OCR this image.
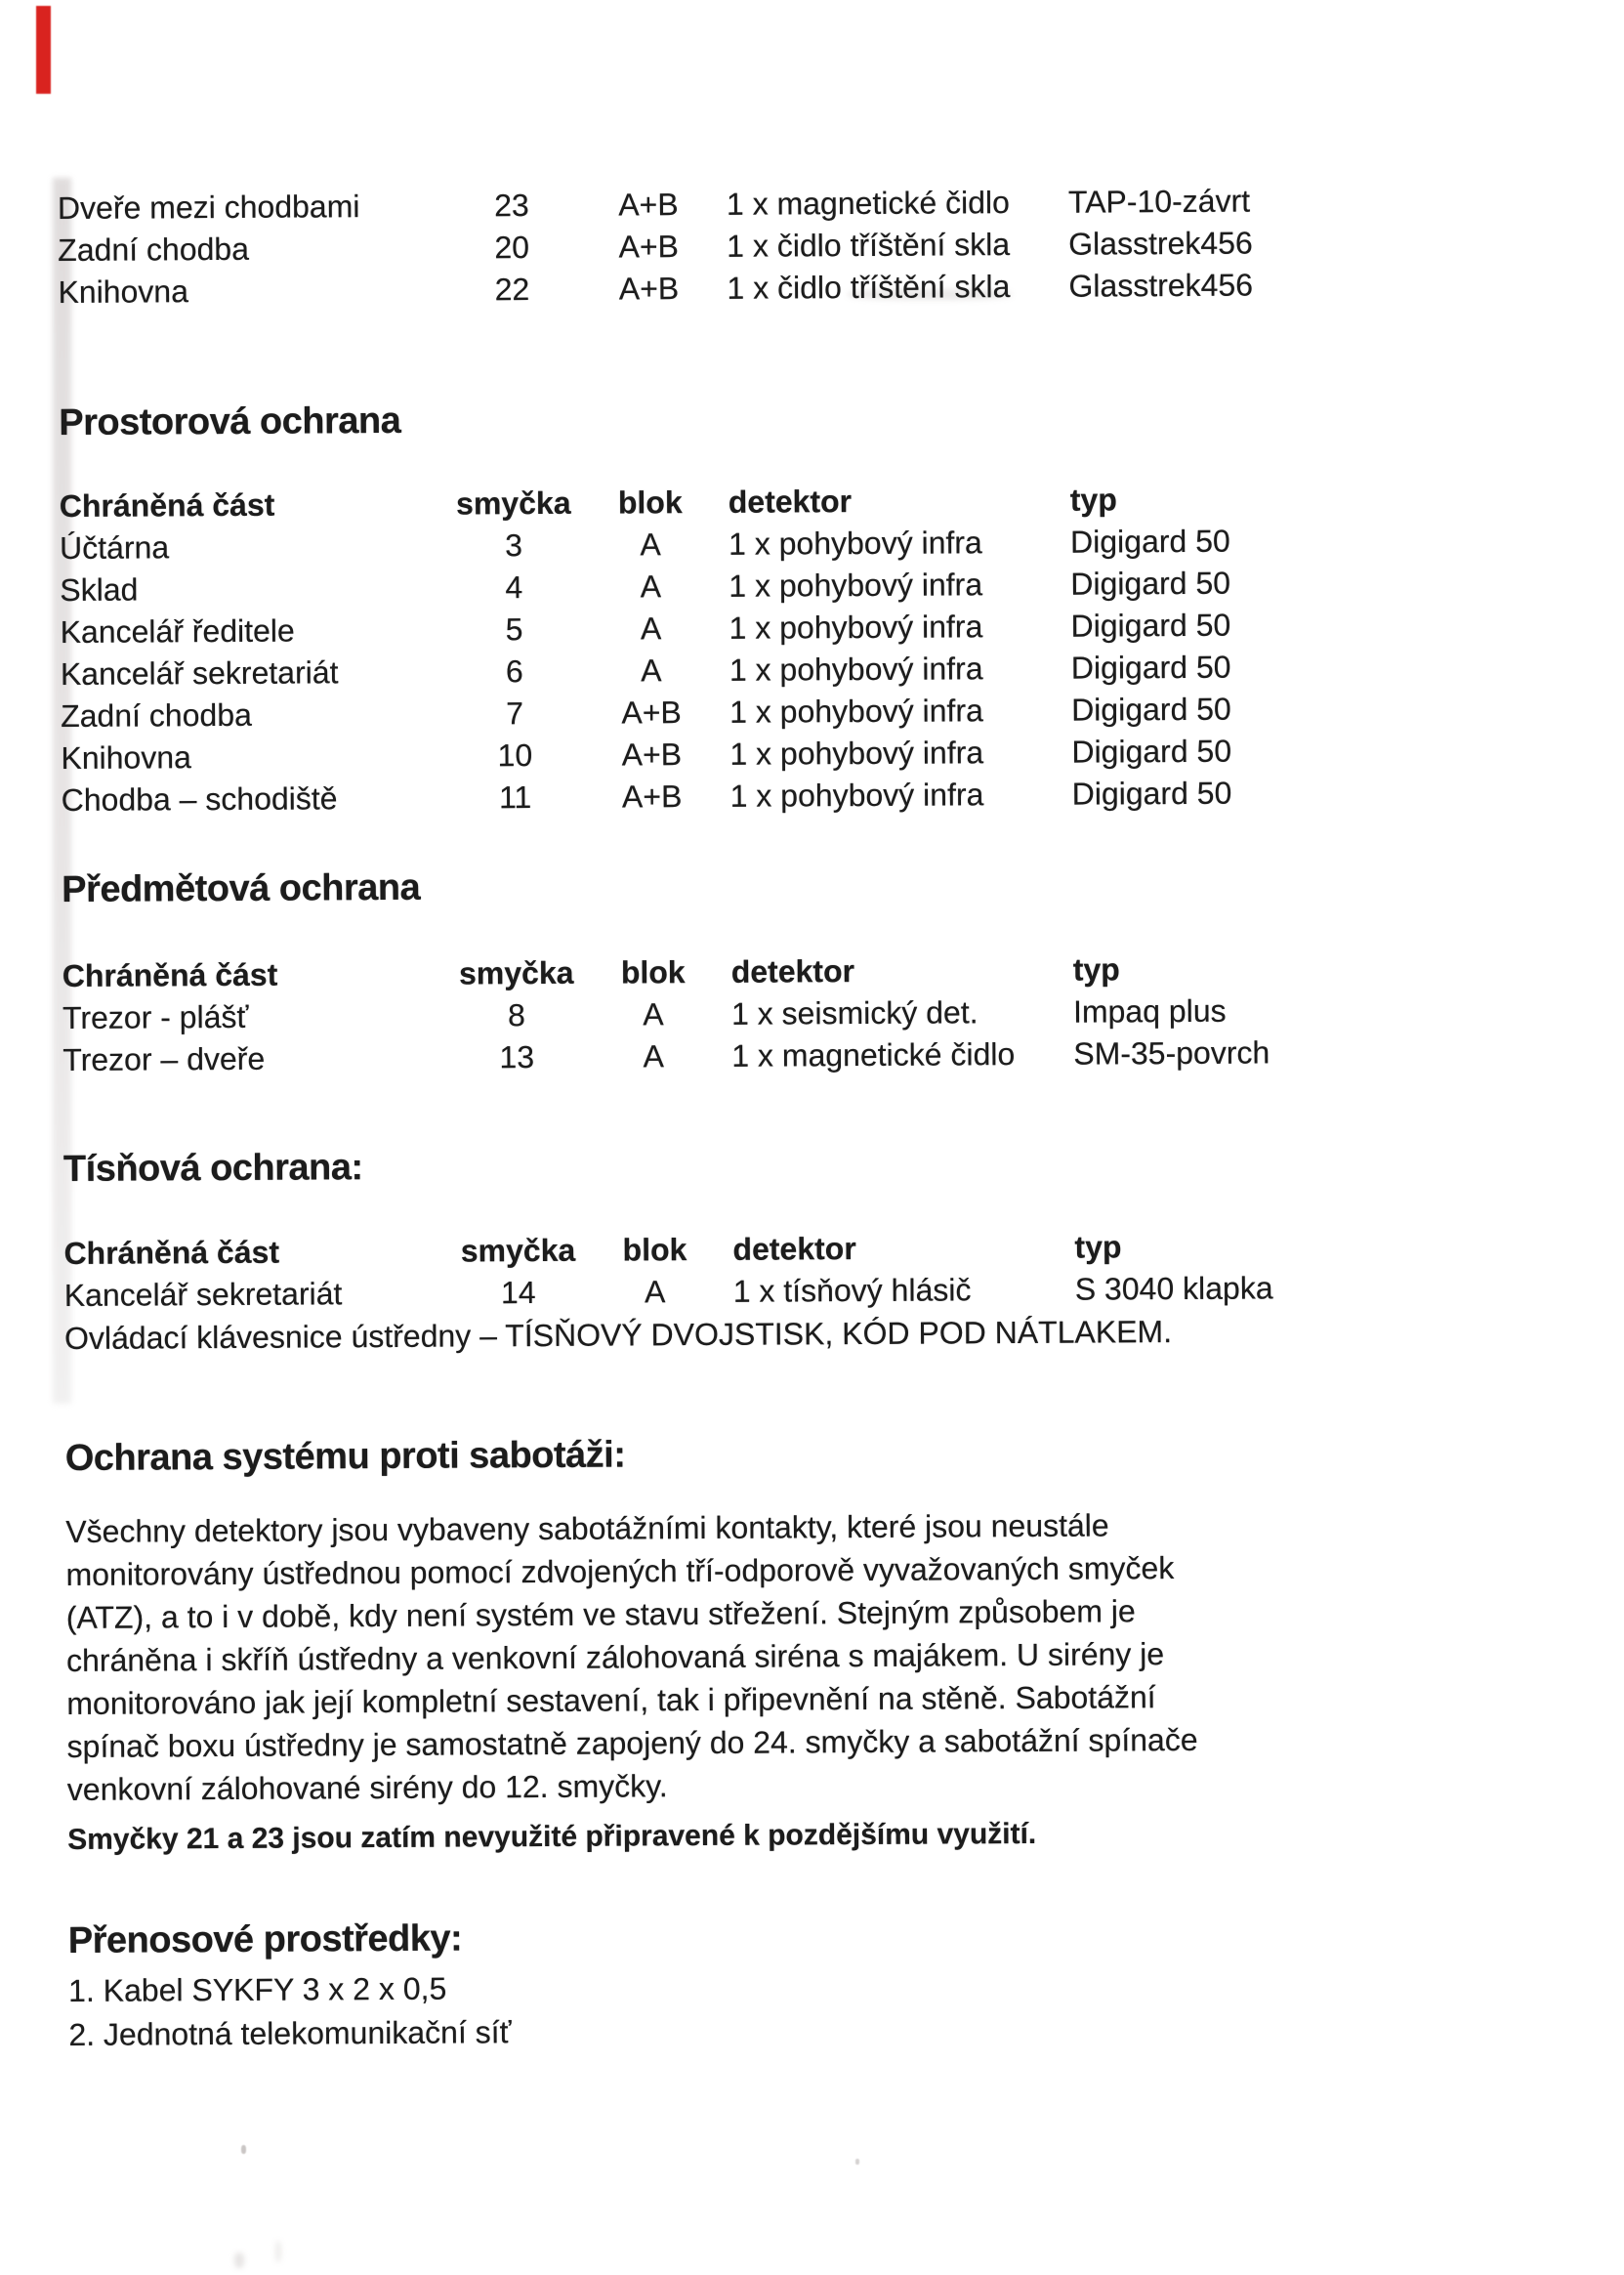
Dveře mezi chodbami	23	A+B	1 x magnetické čidlo	TAP-10-závrt
Zadní chodba	20	A+B	1 x čidlo tříštění skla	Glasstrek456
Knihovna	22	A+B	1 x čidlo tříštění skla	Glasstrek456
Prostorová ochrana
Chráněná část	smyčka	blok	detektor	typ
Účtárna	3	A	1 x pohybový infra	Digigard 50
Sklad	4	A	1 x pohybový infra	Digigard 50
Kancelář ředitele	5	A	1 x pohybový infra	Digigard 50
Kancelář sekretariát	6	A	1 x pohybový infra	Digigard 50
Zadní chodba	7	A+B	1 x pohybový infra	Digigard 50
Knihovna	10	A+B	1 x pohybový infra	Digigard 50
Chodba – schodiště	11	A+B	1 x pohybový infra	Digigard 50
Předmětová ochrana
Chráněná část	smyčka	blok	detektor	typ
Trezor - plášť	8	A	1 x seismický det.	Impaq plus
Trezor – dveře	13	A	1 x magnetické čidlo	SM-35-povrch
Tísňová ochrana:
Chráněná část	smyčka	blok	detektor	typ
Kancelář sekretariát	14	A	1 x tísňový hlásič	S 3040 klapka
Ovládací klávesnice ústředny – TÍSŇOVÝ DVOJSTISK, KÓD POD NÁTLAKEM.
Ochrana systému proti sabotáži:
Všechny detektory jsou vybaveny sabotážními kontakty, které jsou neustále
monitorovány ústřednou pomocí zdvojených tří-odporově vyvažovaných smyček
(ATZ), a to i v době, kdy není systém ve stavu střežení. Stejným způsobem je
chráněna i skříň ústředny a venkovní zálohovaná siréna s majákem. U sirény je
monitorováno jak její kompletní sestavení, tak i připevnění na stěně. Sabotážní
spínač boxu ústředny je samostatně zapojený do 24. smyčky a sabotážní spínače
venkovní zálohované sirény do 12. smyčky.
Smyčky 21 a 23 jsou zatím nevyužité připravené k pozdějšímu využití.
Přenosové prostředky:
1. Kabel SYKFY 3 x 2 x 0,5
2. Jednotná telekomunikační síť
